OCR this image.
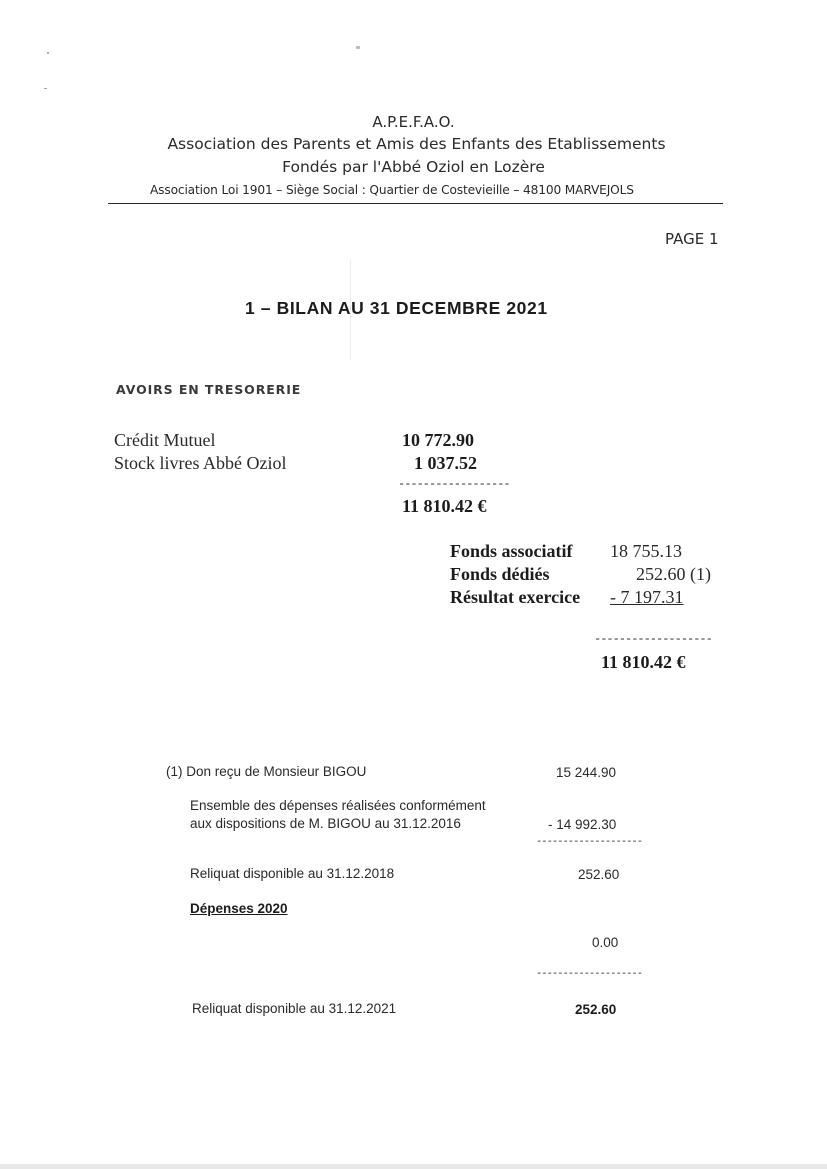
A.P.E.F.A.O.
Association des Parents et Amis des Enfants des Etablissements
Fondés par l'Abbé Oziol en Lozère
Association Loi 1901 – Siège Social : Quartier de Costevieille – 48100 MARVEJOLS
PAGE 1
1 – BILAN AU 31 DECEMBRE 2021
AVOIRS EN TRESORERIE
Crédit Mutuel	10 772.90
Stock livres Abbé Oziol	1 037.52
------------------
11 810.42 €
Fonds associatif 18 755.13
Fonds dédiés	252.60 (1)
Résultat exercice - 7 197.31
-------------------
11 810.42 €
(1) Don reçu de Monsieur BIGOU	15 244.90
Ensemble des dépenses réalisées conformément
aux dispositions de M. BIGOU au 31.12.2016	- 14 992.30
--------------------
Reliquat disponible au 31.12.2018	252.60
Dépenses 2020
0.00
--------------------
Reliquat disponible au 31.12.2021	252.60
